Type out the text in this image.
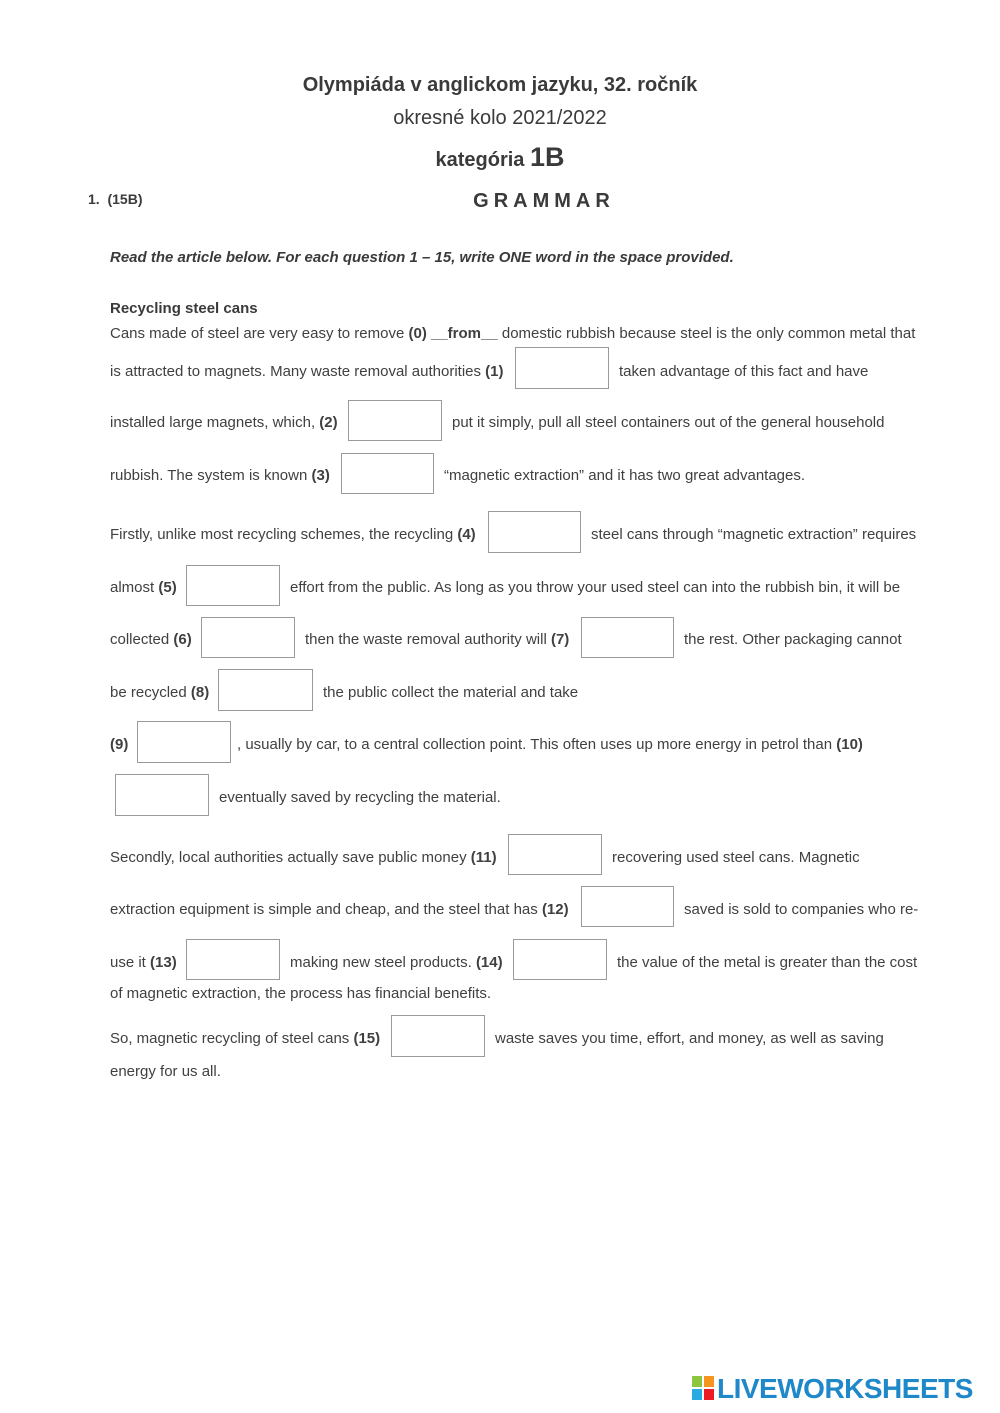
Olympiáda v anglickom jazyku, 32. ročník
okresné kolo 2021/2022
kategória 1B
1. (15B)	GRAMMAR
Read the article below. For each question 1 – 15, write ONE word in the space provided.
Recycling steel cans
Cans made of steel are very easy to remove (0) __from__ domestic rubbish because steel is the only common metal that
is attracted to magnets. Many waste removal authorities (1)	taken advantage of this fact and have
installed large magnets, which, (2)	put it simply, pull all steel containers out of the general household
rubbish. The system is known (3)	“magnetic extraction” and it has two great advantages.
Firstly, unlike most recycling schemes, the recycling (4)	steel cans through “magnetic extraction” requires
almost (5)	effort from the public. As long as you throw your used steel can into the rubbish bin, it will be
collected (6)	then the waste removal authority will (7)	the rest. Other packaging cannot
be recycled (8)	the public collect the material and take
(9)	, usually by car, to a central collection point. This often uses up more energy in petrol than (10)
eventually saved by recycling the material.
Secondly, local authorities actually save public money (11)	recovering used steel cans. Magnetic
extraction equipment is simple and cheap, and the steel that has (12)	saved is sold to companies who re-
use it (13)	making new steel products. (14)	the value of the metal is greater than the cost
of magnetic extraction, the process has financial benefits.
So, magnetic recycling of steel cans (15)	waste saves you time, effort, and money, as well as saving
energy for us all.
LIVEWORKSHEETS
